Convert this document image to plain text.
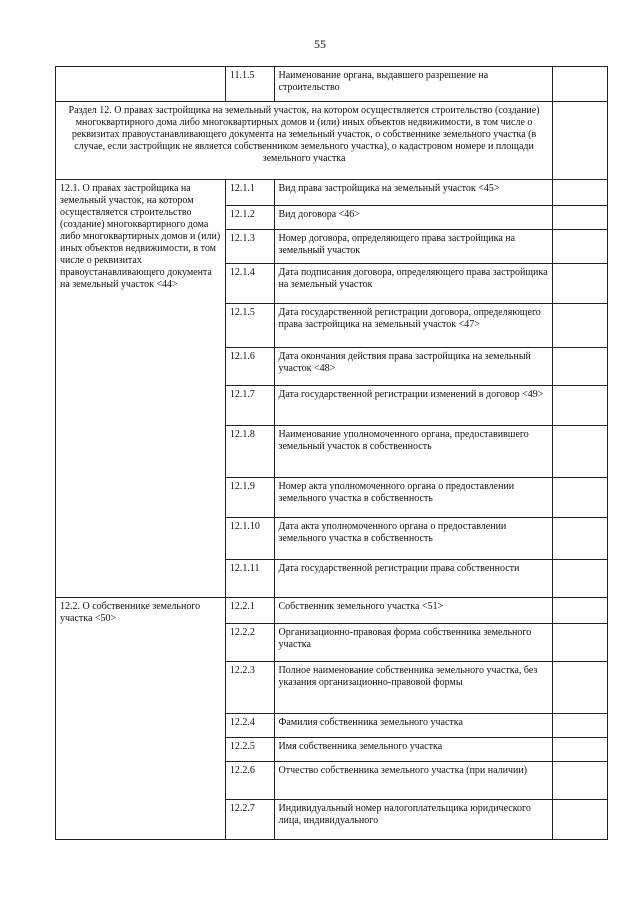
55
	11.1.5	Наименование органа, выдавшего разрешение на строительство	
Раздел 12. О правах застройщика на земельный участок, на котором осуществляется строительство (создание) многоквартирного дома либо многоквартирных домов и (или) иных объектов недвижимости, в том числе о реквизитах правоустанавливающего документа на земельный участок, о собственнике земельного участка (в случае, если застройщик не является собственником земельного участка), о кадастровом номере и площади земельного участка			
12.1. О правах застройщика на земельный участок, на котором осуществляется строительство (создание) многоквартирного дома либо многоквартирных домов и (или) иных объектов недвижимости, в том числе о реквизитах правоустанавливающего документа на земельный участок <44>	12.1.1	Вид права застройщика на земельный участок <45>	
	12.1.2	Вид договора <46>	
	12.1.3	Номер договора, определяющего права застройщика на земельный участок	
	12.1.4	Дата подписания договора, определяющего права застройщика на земельный участок	
	12.1.5	Дата государственной регистрации договора, определяющего права застройщика на земельный участок <47>	
	12.1.6	Дата окончания действия права застройщика на земельный участок <48>	
	12.1.7	Дата государственной регистрации изменений в договор <49>	
	12.1.8	Наименование уполномоченного органа, предоставившего земельный участок в собственность	
	12.1.9	Номер акта уполномоченного органа о предоставлении земельного участка в собственность	
	12.1.10	Дата акта уполномоченного органа о предоставлении земельного участка в собственность	
	12.1.11	Дата государственной регистрации права собственности	
12.2. О собственнике земельного участка <50>	12.2.1	Собственник земельного участка <51>	
	12.2.2	Организационно-правовая форма собственника земельного участка	
	12.2.3	Полное наименование собственника земельного участка, без указания организационно-правовой формы	
	12.2.4	Фамилия собственника земельного участка	
	12.2.5	Имя собственника земельного участка	
	12.2.6	Отчество собственника земельного участка (при наличии)	
	12.2.7	Индивидуальный номер налогоплательщика юридического лица, индивидуального	
